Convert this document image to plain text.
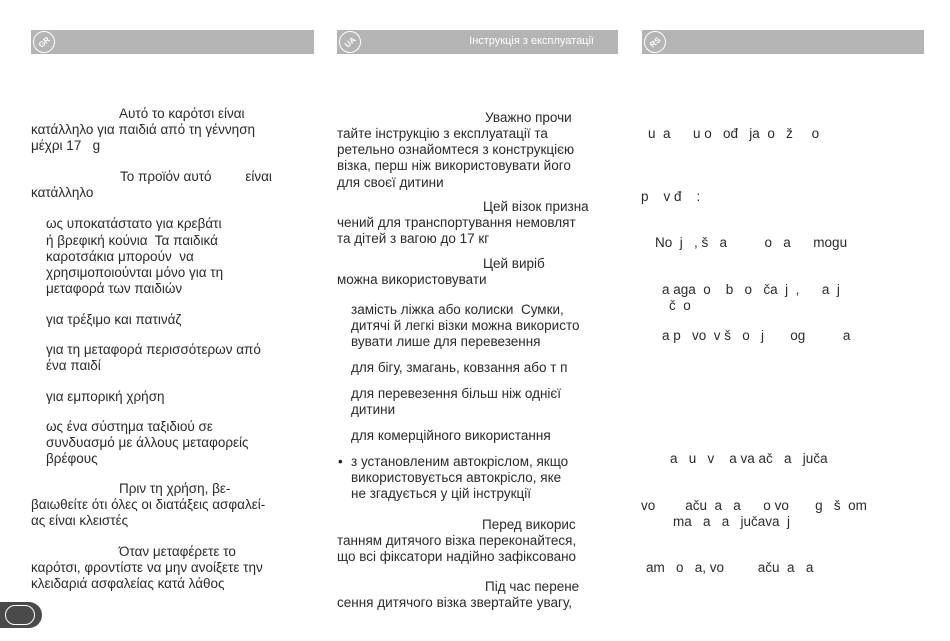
GR	UA	Інструкція з експлуатації	RS
Αυτό το καρότσι είναι
κατάλληλο για παιδιά από τη γέννηση
μέχρι 17   g
Το προϊόν αυτό         είναι
κατάλληλο
ως υποκατάστατο για κρεβάτι
ή βρεφική κούνια  Τα παιδικά
καροτσάκια μπορούν  να
χρησιμοποιούνται μόνο για τη
μεταφορά των παιδιών
για τρέξιμο και πατινάζ
για τη μεταφορά περισσότερων από
ένα παιδί
για εμπορική χρήση
ως ένα σύστημα ταξιδιού σε
συνδυασμό με άλλους μεταφορείς
βρέφους
Πριν τη χρήση, βε-
βαιωθείτε ότι όλες οι διατάξεις ασφαλεί-
ας είναι κλειστές
Όταν μεταφέρετε το
καρότσι, φροντίστε να μην ανοίξετε την
κλειδαριά ασφαλείας κατά λάθος
Уважно прочи
тайте інструкцію з експлуатації та
ретельно ознайомтеся з конструкцією
візка, перш ніж використовувати його
для своєї дитини
Цей візок призна
чений для транспортування немовлят
та дітей з вагою до 17 кг
Цей виріб
можна використовувати
замість ліжка або колиски  Сумки,
дитячі й легкі візки можна використо
вувати лише для перевезення
для бігу, змагань, ковзання або т п
для перевезення більш ніж однієї
дитини
для комерційного використання
• з установленим автокріслом, якщо
використовується автокрісло, яке
не згадується у цій інструкції
Перед викорис
танням дитячого візка переконайтеся,
що всі фіксатори надійно зафіксовано
Під час перене
сення дитячого візка звертайте увагу,
u  a      u o   ođ   ja  o   ž     o
p    v đ    :
No  j   , š   a          o   a      mogu
a aga  o    b   o   ča  j  ,      a  j
č  o
a p   vo  v š   o   j       og          a
a   u   v    a va ač   a   juča
vo        aču  a   a      o vo       g   š  om
ma   a   a   jučava  j
am   o   a, vo         aču  a   a
